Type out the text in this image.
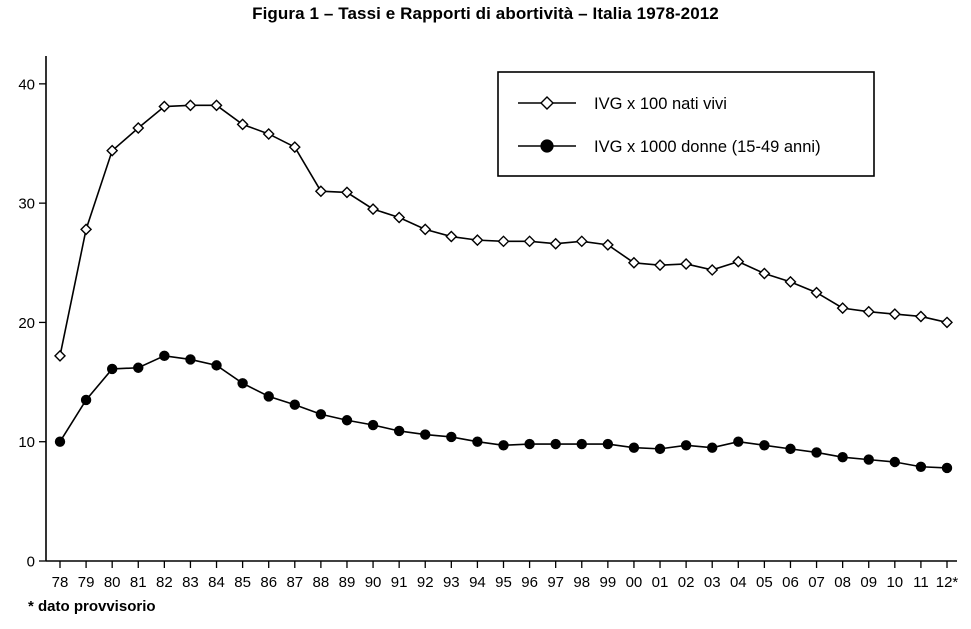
Figura 1 – Tassi e Rapporti di abortività – Italia 1978-2012
0
10
20
30
40
78 79 80 81 82 83 84 85 86 87 88 89 90 91 92 93 94 95 96 97 98 99 00 01 02 03 04 05 06 07 08 09 10 11 12*
IVG x 100 nati vivi
IVG x 1000 donne (15-49 anni)
* dato provvisorio
